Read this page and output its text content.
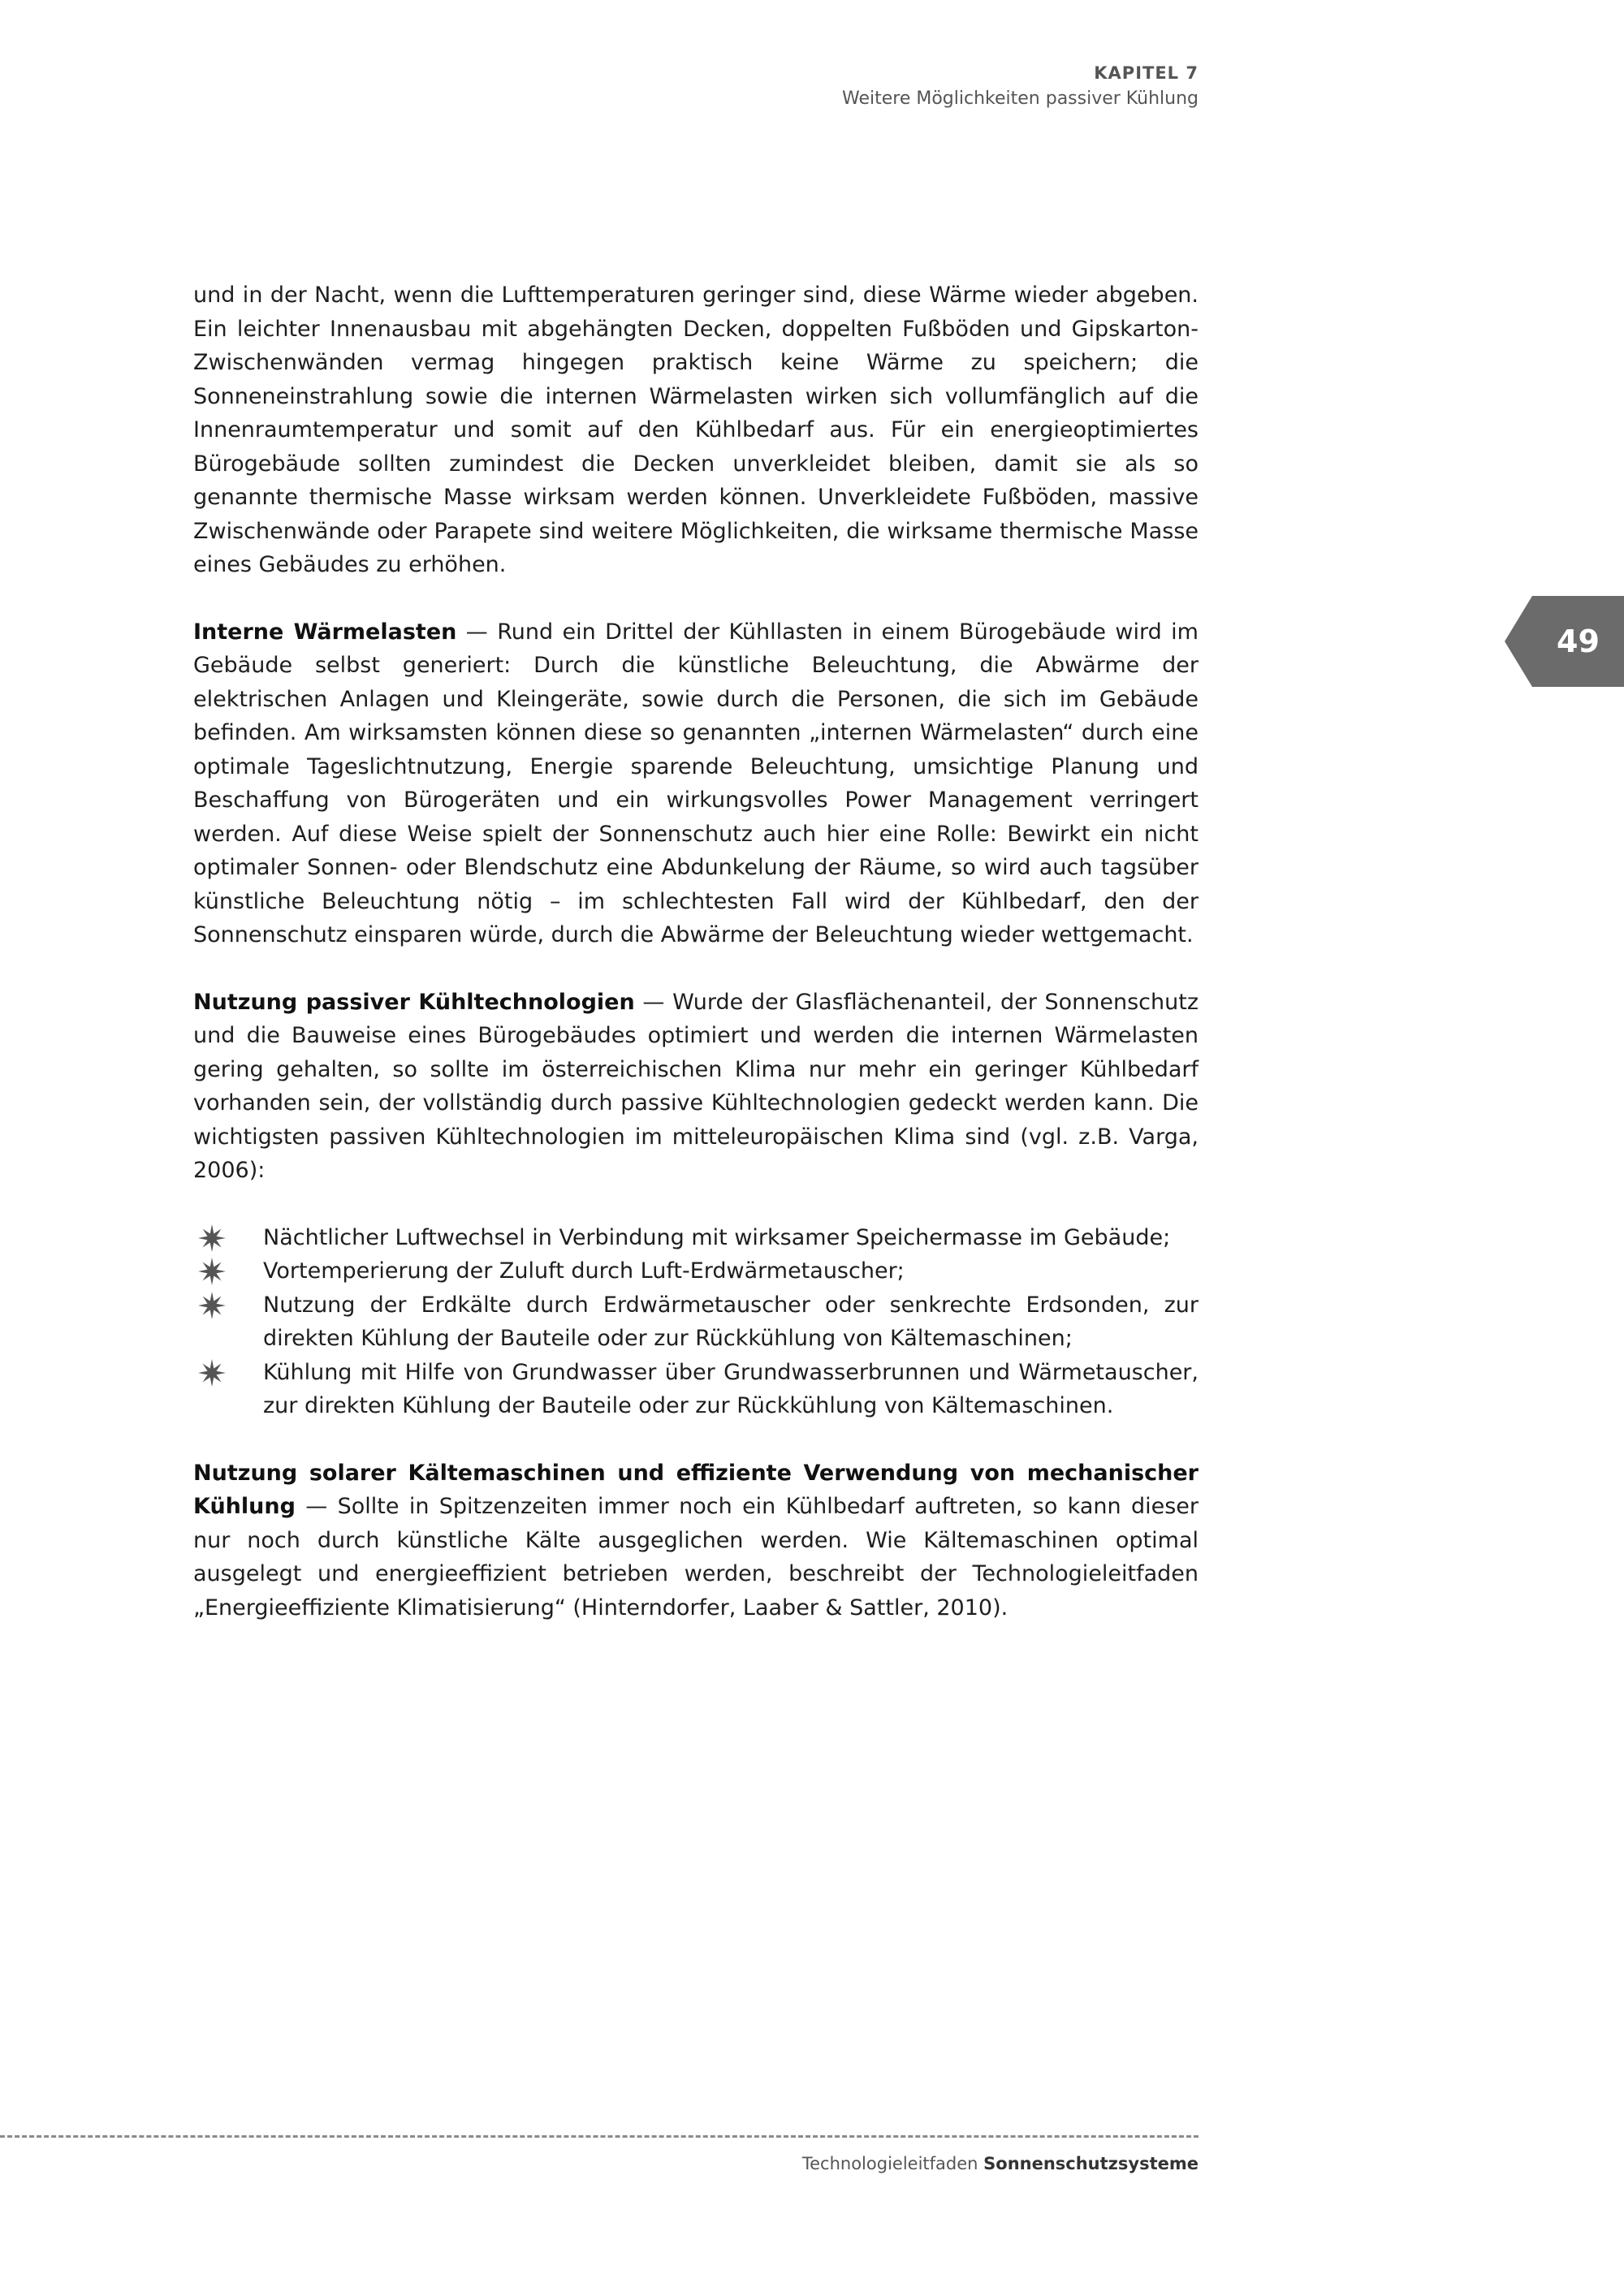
KAPITEL 7
Weitere Möglichkeiten passiver Kühlung
49

und in der Nacht, wenn die Lufttemperaturen geringer sind, diese Wärme wieder abgeben. Ein leichter Innenausbau mit abgehängten Decken, doppelten Fußböden und Gipskarton-Zwischenwänden vermag hingegen praktisch keine Wärme zu speichern; die Sonneneinstrahlung sowie die internen Wärmelasten wirken sich vollumfänglich auf die Innenraumtemperatur und somit auf den Kühlbedarf aus. Für ein energieoptimiertes Bürogebäude sollten zumindest die Decken unverkleidet bleiben, damit sie als so genannte thermische Masse wirksam werden können. Unverkleidete Fußböden, massive Zwischenwände oder Parapete sind weitere Möglichkeiten, die wirksame thermische Masse eines Gebäudes zu erhöhen.

Interne Wärmelasten — Rund ein Drittel der Kühllasten in einem Bürogebäude wird im Gebäude selbst generiert: Durch die künstliche Beleuchtung, die Abwärme der elektrischen Anlagen und Kleingeräte, sowie durch die Personen, die sich im Gebäude befinden. Am wirksamsten können diese so genannten „internen Wärmelasten“ durch eine optimale Tageslichtnutzung, Energie sparende Beleuchtung, umsichtige Planung und Beschaffung von Bürogeräten und ein wirkungsvolles Power Management verringert werden. Auf diese Weise spielt der Sonnenschutz auch hier eine Rolle: Bewirkt ein nicht optimaler Sonnen- oder Blendschutz eine Abdunkelung der Räume, so wird auch tagsüber künstliche Beleuchtung nötig – im schlechtesten Fall wird der Kühlbedarf, den der Sonnenschutz einsparen würde, durch die Abwärme der Beleuchtung wieder wettgemacht.

Nutzung passiver Kühltechnologien — Wurde der Glasflächenanteil, der Sonnenschutz und die Bauweise eines Bürogebäudes optimiert und werden die internen Wärmelasten gering gehalten, so sollte im österreichischen Klima nur mehr ein geringer Kühlbedarf vorhanden sein, der vollständig durch passive Kühltechnologien gedeckt werden kann. Die wichtigsten passiven Kühltechnologien im mitteleuropäischen Klima sind (vgl. z.B. Varga, 2006):

Nächtlicher Luftwechsel in Verbindung mit wirksamer Speichermasse im Gebäude;
Vortemperierung der Zuluft durch Luft-Erdwärmetauscher;
Nutzung der Erdkälte durch Erdwärmetauscher oder senkrechte Erdsonden, zur direkten Kühlung der Bauteile oder zur Rückkühlung von Kältemaschinen;
Kühlung mit Hilfe von Grundwasser über Grundwasserbrunnen und Wärmetauscher, zur direkten Kühlung der Bauteile oder zur Rückkühlung von Kältemaschinen.

Nutzung solarer Kältemaschinen und effiziente Verwendung von mechanischer Kühlung — Sollte in Spitzenzeiten immer noch ein Kühlbedarf auftreten, so kann dieser nur noch durch künstliche Kälte ausgeglichen werden. Wie Kältemaschinen optimal ausgelegt und energieeffizient betrieben werden, beschreibt der Technologieleitfaden „Energieeffiziente Klimatisierung“ (Hinterndorfer, Laaber & Sattler, 2010).

Technologieleitfaden Sonnenschutzsysteme
